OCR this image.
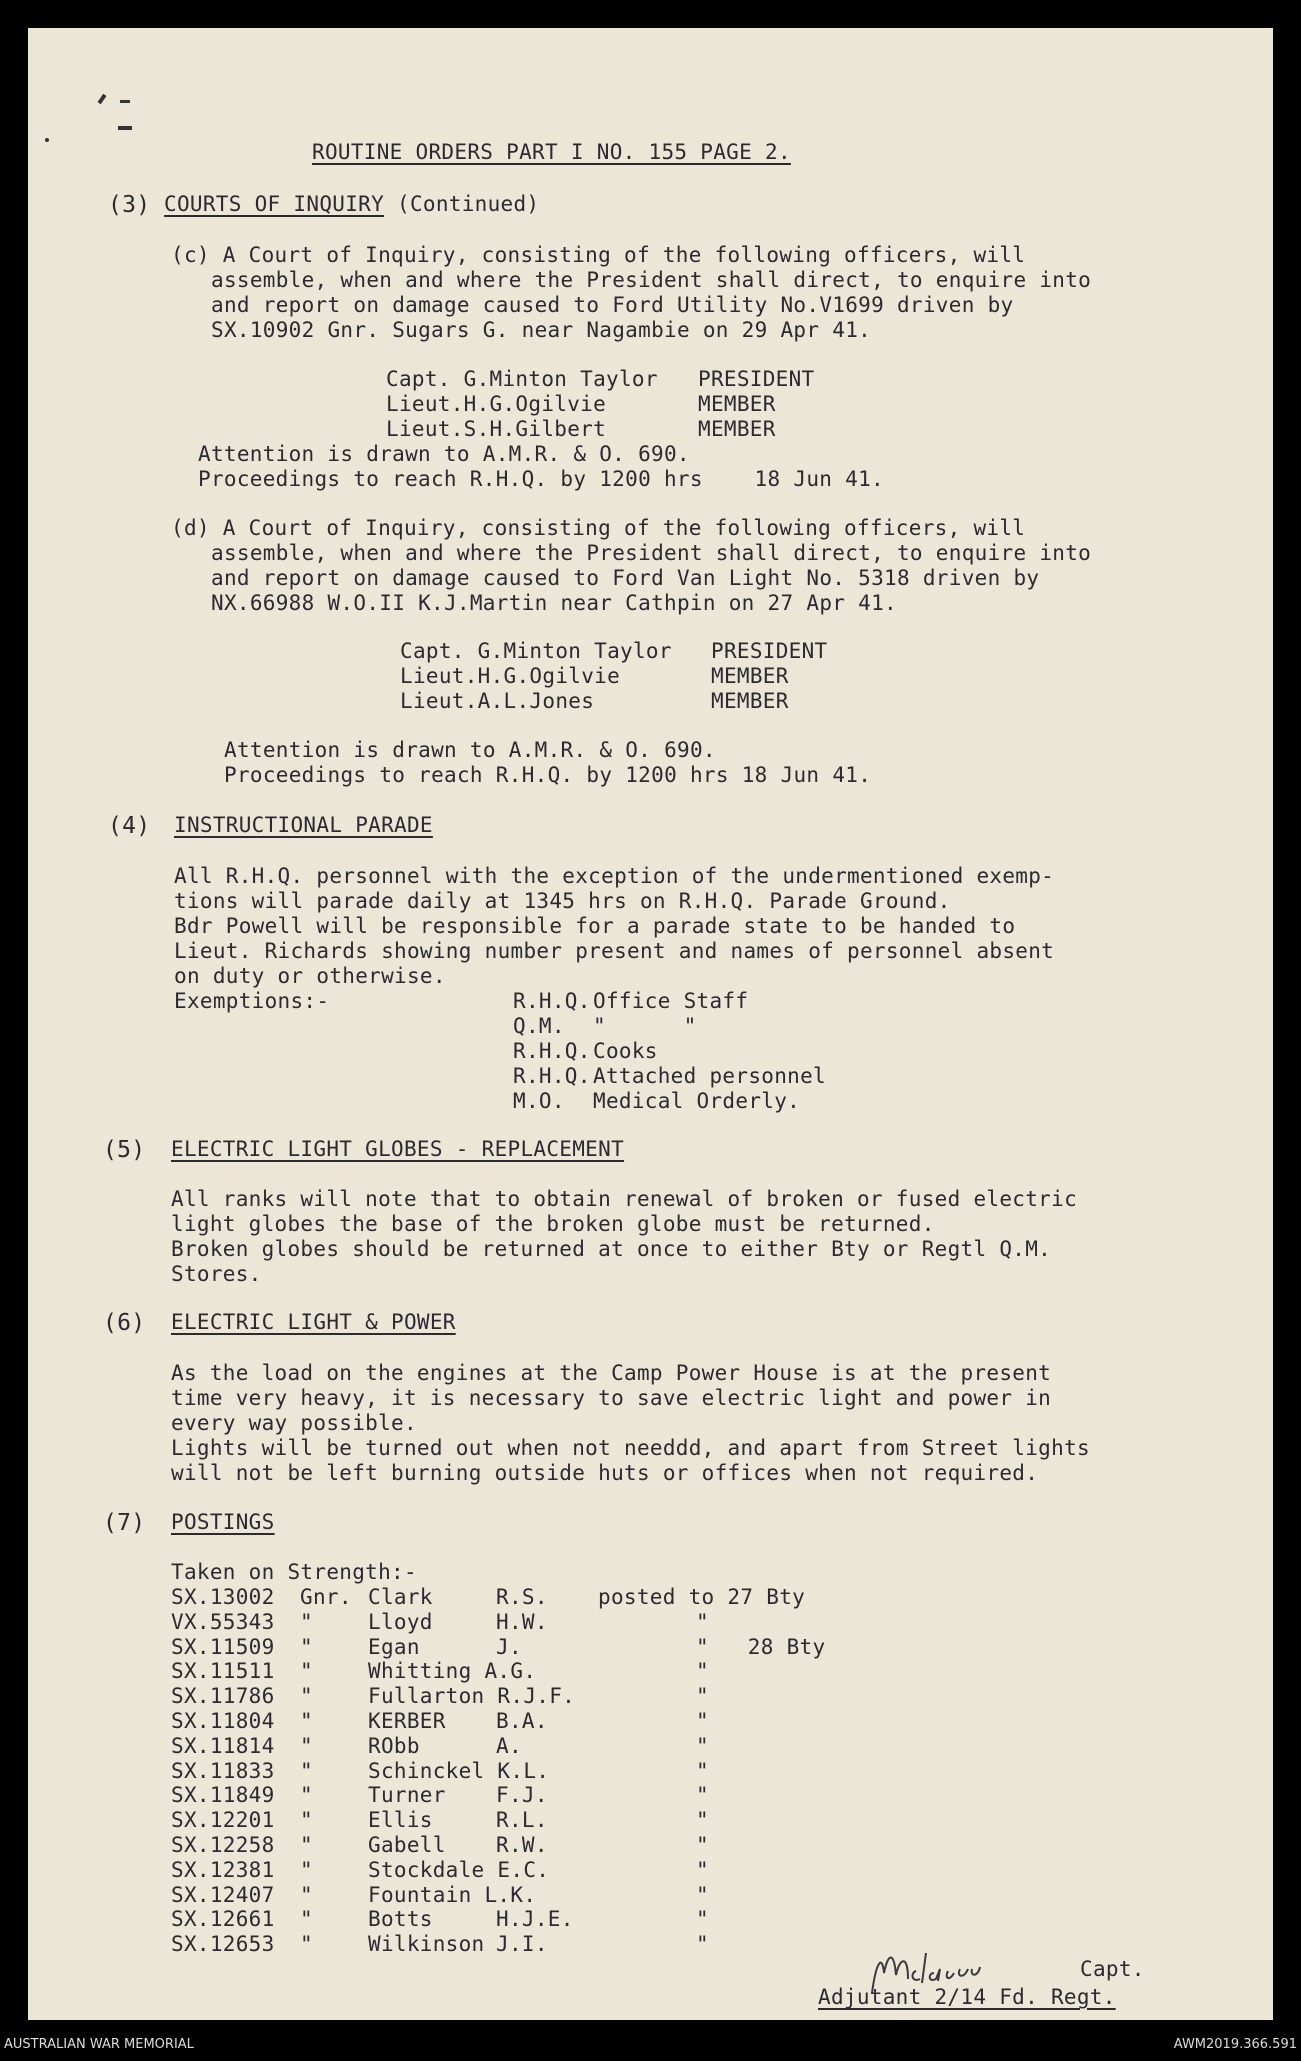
ROUTINE ORDERS PART I NO. 155 PAGE 2.
(3) COURTS OF INQUIRY (Continued)
(c) A Court of Inquiry, consisting of the following officers, will
assemble, when and where the President shall direct, to enquire into
and report on damage caused to Ford Utility No.V1699 driven by
SX.10902 Gnr. Sugars G. near Nagambie on 29 Apr 41.
Capt. G.Minton Taylor PRESIDENT
Lieut.H.G.Ogilvie	MEMBER
Lieut.S.H.Gilbert	MEMBER
Attention is drawn to A.M.R. & O. 690.
Proceedings to reach R.H.Q. by 1200 hrs    18 Jun 41.
(d) A Court of Inquiry, consisting of the following officers, will
assemble, when and where the President shall direct, to enquire into
and report on damage caused to Ford Van Light No. 5318 driven by
NX.66988 W.O.II K.J.Martin near Cathpin on 27 Apr 41.
Capt. G.Minton Taylor PRESIDENT
Lieut.H.G.Ogilvie	MEMBER
Lieut.A.L.Jones	MEMBER
Attention is drawn to A.M.R. & O. 690.
Proceedings to reach R.H.Q. by 1200 hrs 18 Jun 41.
(4) INSTRUCTIONAL PARADE
All R.H.Q. personnel with the exception of the undermentioned exemp-
tions will parade daily at 1345 hrs on R.H.Q. Parade Ground.
Bdr Powell will be responsible for a parade state to be handed to
Lieut. Richards showing number present and names of personnel absent
on duty or otherwise.
Exemptions:-	R.H.Q. Office Staff
Q.M. "      "
R.H.Q. Cooks
R.H.Q. Attached personnel
M.O. Medical Orderly.
(5) ELECTRIC LIGHT GLOBES - REPLACEMENT
All ranks will note that to obtain renewal of broken or fused electric
light globes the base of the broken globe must be returned.
Broken globes should be returned at once to either Bty or Regtl Q.M.
Stores.
(6) ELECTRIC LIGHT & POWER
As the load on the engines at the Camp Power House is at the present
time very heavy, it is necessary to save electric light and power in
every way possible.
Lights will be turned out when not needdd, and apart from Street lights
will not be left burning outside huts or offices when not required.
(7) POSTINGS
Taken on Strength:-
SX.13002 Gnr. Clark	R.S. posted to 27 Bty
VX.55343 "	Lloyd	H.W.	"
SX.11509 "	Egan	J.	"   28 Bty
SX.11511 "	Whitting A.G.	"
SX.11786 "	Fullarton R.J.F.	"
SX.11804 "	KERBER B.A.	"
SX.11814 "	RObb	A.	"
SX.11833 "	Schinckel K.L.	"
SX.11849 "	Turner F.J.	"
SX.12201 "	Ellis	R.L.	"
SX.12258 "	Gabell R.W.	"
SX.12381 "	Stockdale E.C.	"
SX.12407 "	Fountain L.K.	"
SX.12661 "	Botts	H.J.E.	"
SX.12653 "	Wilkinson J.I.	"
Capt.
Adjutant 2/14 Fd. Regt.
AUSTRALIAN WAR MEMORIAL	AWM2019.366.591
